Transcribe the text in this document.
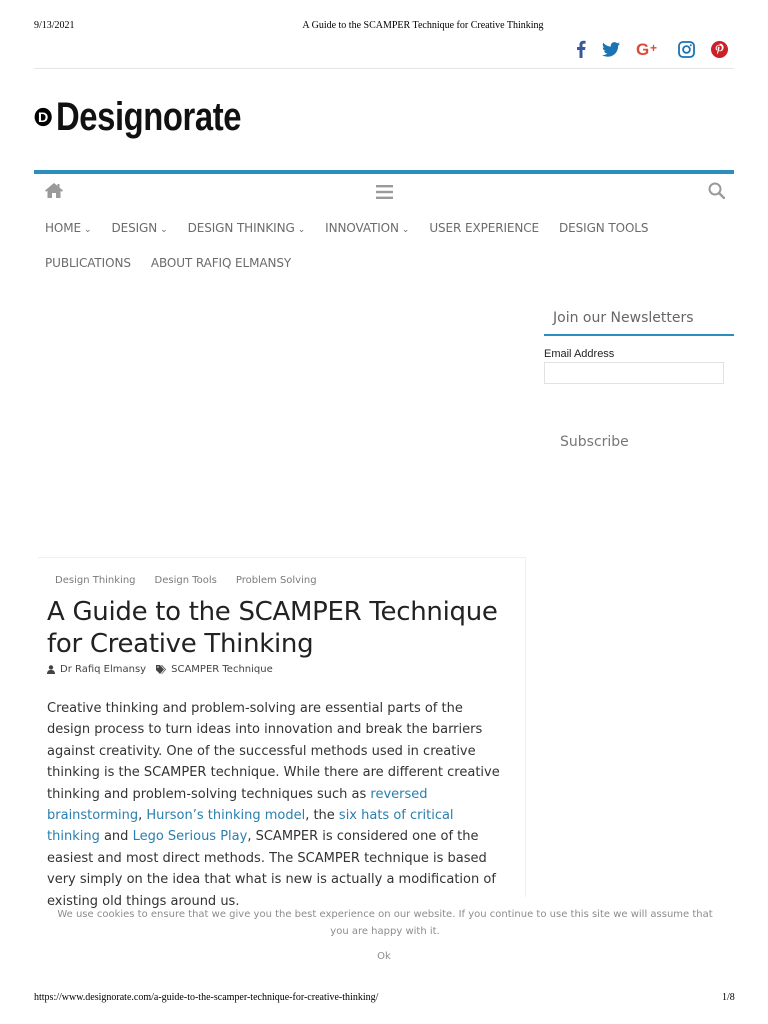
9/13/2021	A Guide to the SCAMPER Technique for Creative Thinking
G +
D Designorate
HOME ⌄ DESIGN ⌄ DESIGN THINKING ⌄ INNOVATION ⌄ USER EXPERIENCE DESIGN TOOLS
PUBLICATIONS ABOUT RAFIQ ELMANSY
Join our Newsletters
Email Address
Subscribe
Design Thinking Design Tools Problem Solving
A Guide to the SCAMPER Technique
for Creative Thinking
Dr Rafiq Elmansy	SCAMPER Technique

Creative thinking and problem-solving are essential parts of the design process to turn ideas into innovation and break the barriers against creativity. One of the successful methods used in creative thinking is the SCAMPER technique. While there are different creative thinking and problem-solving techniques such as reversed brainstorming, Hurson’s thinking model, the six hats of critical thinking and Lego Serious Play, SCAMPER is considered one of the easiest and most direct methods. The SCAMPER technique is based very simply on the idea that what is new is actually a modification of existing old things around us.

We use cookies to ensure that we give you the best experience on our website. If you continue to use this site we will assume that you are happy with it.
Ok
https://www.designorate.com/a-guide-to-the-scamper-technique-for-creative-thinking/	1/8
